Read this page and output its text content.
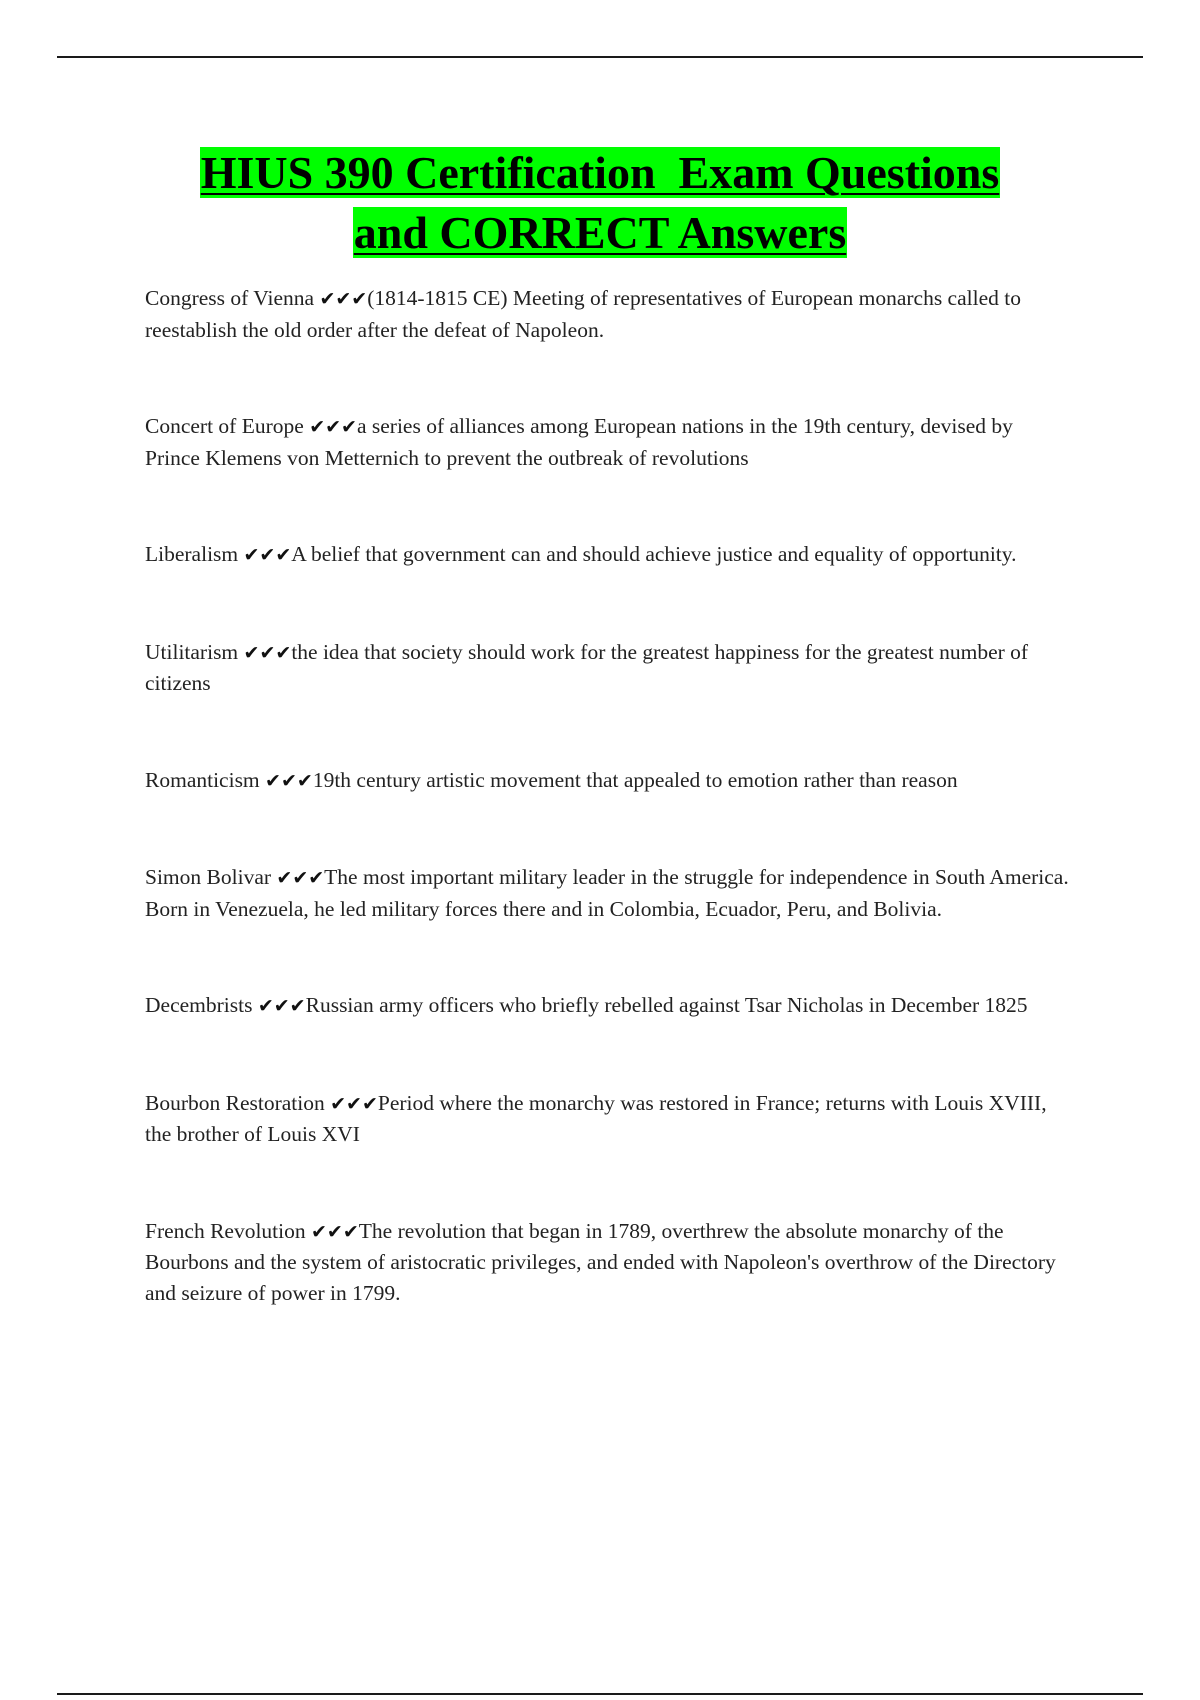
HIUS 390 Certification  Exam Questions
and CORRECT Answers
Congress of Vienna ✔✔✔(1814-1815 CE) Meeting of representatives of European monarchs called to reestablish the old order after the defeat of Napoleon.
Concert of Europe ✔✔✔a series of alliances among European nations in the 19th century, devised by Prince Klemens von Metternich to prevent the outbreak of revolutions
Liberalism ✔✔✔A belief that government can and should achieve justice and equality of opportunity.
Utilitarism ✔✔✔the idea that society should work for the greatest happiness for the greatest number of citizens
Romanticism ✔✔✔19th century artistic movement that appealed to emotion rather than reason
Simon Bolivar ✔✔✔The most important military leader in the struggle for independence in South America. Born in Venezuela, he led military forces there and in Colombia, Ecuador, Peru, and Bolivia.
Decembrists ✔✔✔Russian army officers who briefly rebelled against Tsar Nicholas in December 1825
Bourbon Restoration ✔✔✔Period where the monarchy was restored in France; returns with Louis XVIII, the brother of Louis XVI
French Revolution ✔✔✔The revolution that began in 1789, overthrew the absolute monarchy of the Bourbons and the system of aristocratic privileges, and ended with Napoleon's overthrow of the Directory and seizure of power in 1799.
